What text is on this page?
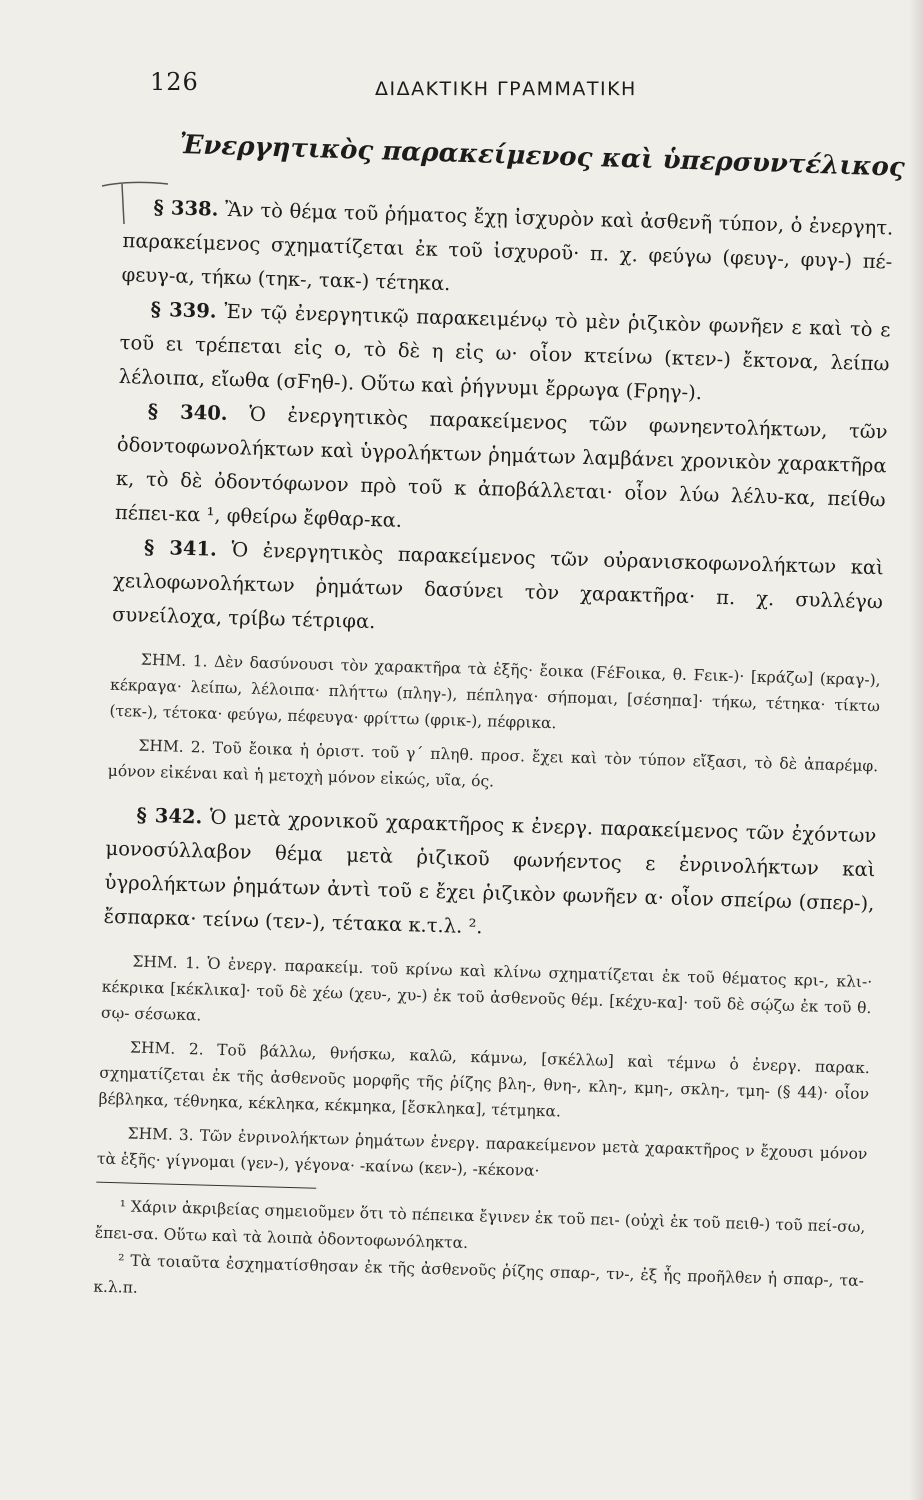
126	ΔΙΔΑΚΤΙΚΗ ΓΡΑΜΜΑΤΙΚΗ
Ἐνεργητικὸς παρακείμενος καὶ ὑπερσυντέλικος

§ 338. Ἂν τὸ θέμα τοῦ ῥήματος ἔχῃ ἰσχυρὸν καὶ ἀσθενῆ τύπον, ὁ ἐνεργητ. παρακείμενος σχηματίζεται ἐκ τοῦ ἰσχυροῦ· π. χ. φεύγω (φευγ-, φυγ-) πέ-φευγ-α, τήκω (τηκ-, τακ-) τέτηκα.

§ 339. Ἐν τῷ ἐνεργητικῷ παρακειμένῳ τὸ μὲν ῥιζικὸν φωνῆεν ε καὶ τὸ ε τοῦ ει τρέπεται εἰς ο, τὸ δὲ η εἰς ω· οἷον κτείνω (κτεν-) ἔκτονα, λείπω λέλοιπα, εἴωθα (σϜηθ-). Οὕτω καὶ ῥήγνυμι ἔρρωγα (Ϝρηγ-).

§ 340. Ὁ ἐνεργητικὸς παρακείμενος τῶν φωνηεντολήκτων, τῶν ὀδοντοφωνολήκτων καὶ ὑγρολήκτων ῥημάτων λαμβάνει χρονικὸν χαρακτῆρα κ, τὸ δὲ ὀδοντόφωνον πρὸ τοῦ κ ἀποβάλλεται· οἷον λύω λέλυ-κα, πείθω πέπει-κα ¹, φθείρω ἔφθαρ-κα.

§ 341. Ὁ ἐνεργητικὸς παρακείμενος τῶν οὐρανισκοφωνολήκτων καὶ χειλοφωνολήκτων ῥημάτων δασύνει τὸν χαρακτῆρα· π. χ. συλλέγω συνείλοχα, τρίβω τέτριφα.

ΣΗΜ. 1. Δὲν δασύνουσι τὸν χαρακτῆρα τὰ ἑξῆς· ἔοικα (ϜέϜοικα, θ. Ϝεικ-)· [κράζω] (κραγ-), κέκραγα· λείπω, λέλοιπα· πλήττω (πληγ-), πέπληγα· σήπομαι, [σέσηπα]· τήκω, τέτηκα· τίκτω (τεκ-), τέτοκα· φεύγω, πέφευγα· φρίττω (φρικ-), πέφρικα.

ΣΗΜ. 2. Τοῦ ἔοικα ἡ ὁριστ. τοῦ γ΄ πληθ. προσ. ἔχει καὶ τὸν τύπον εἴξασι, τὸ δὲ ἀπαρέμφ. μόνον εἰκέναι καὶ ἡ μετοχὴ μόνον εἰκώς, υῖα, ός.

§ 342. Ὁ μετὰ χρονικοῦ χαρακτῆρος κ ἐνεργ. παρακείμενος τῶν ἐχόντων μονοσύλλαβον θέμα μετὰ ῥιζικοῦ φωνήεντος ε ἐνρινολήκτων καὶ ὑγρολήκτων ῥημάτων ἀντὶ τοῦ ε ἔχει ῥιζικὸν φωνῆεν α· οἷον σπείρω (σπερ-), ἔσπαρκα· τείνω (τεν-), τέτακα κ.τ.λ. ².

ΣΗΜ. 1. Ὁ ἐνεργ. παρακείμ. τοῦ κρίνω καὶ κλίνω σχηματίζεται ἐκ τοῦ θέματος κρι-, κλι-· κέκρικα [κέκλικα]· τοῦ δὲ χέω (χευ-, χυ-) ἐκ τοῦ ἀσθενοῦς θέμ. [κέχυ-κα]· τοῦ δὲ σῴζω ἐκ τοῦ θ. σῳ- σέσωκα.

ΣΗΜ. 2. Τοῦ βάλλω, θνήσκω, καλῶ, κάμνω, [σκέλλω] καὶ τέμνω ὁ ἐνεργ. παρακ. σχηματίζεται ἐκ τῆς ἀσθενοῦς μορφῆς τῆς ῥίζης βλη-, θνη-, κλη-, κμη-, σκλη-, τμη- (§ 44)· οἷον βέβληκα, τέθνηκα, κέκληκα, κέκμηκα, [ἔσκληκα], τέτμηκα.

ΣΗΜ. 3. Τῶν ἐνρινολήκτων ῥημάτων ἐνεργ. παρακείμενον μετὰ χαρακτῆρος ν ἔχουσι μόνον τὰ ἑξῆς· γίγνομαι (γεν-), γέγονα· -καίνω (κεν-), -κέκονα·

¹ Χάριν ἀκριβείας σημειοῦμεν ὅτι τὸ πέπεικα ἔγινεν ἐκ τοῦ πει- (οὐχὶ ἐκ τοῦ πειθ-) τοῦ πεί-σω, ἔπει-σα. Οὕτω καὶ τὰ λοιπὰ ὀδοντοφωνόληκτα.

² Τὰ τοιαῦτα ἐσχηματίσθησαν ἐκ τῆς ἀσθενοῦς ῥίζης σπαρ-, τν-, ἐξ ἧς προῆλθεν ἡ σπαρ-, τα- κ.λ.π.
